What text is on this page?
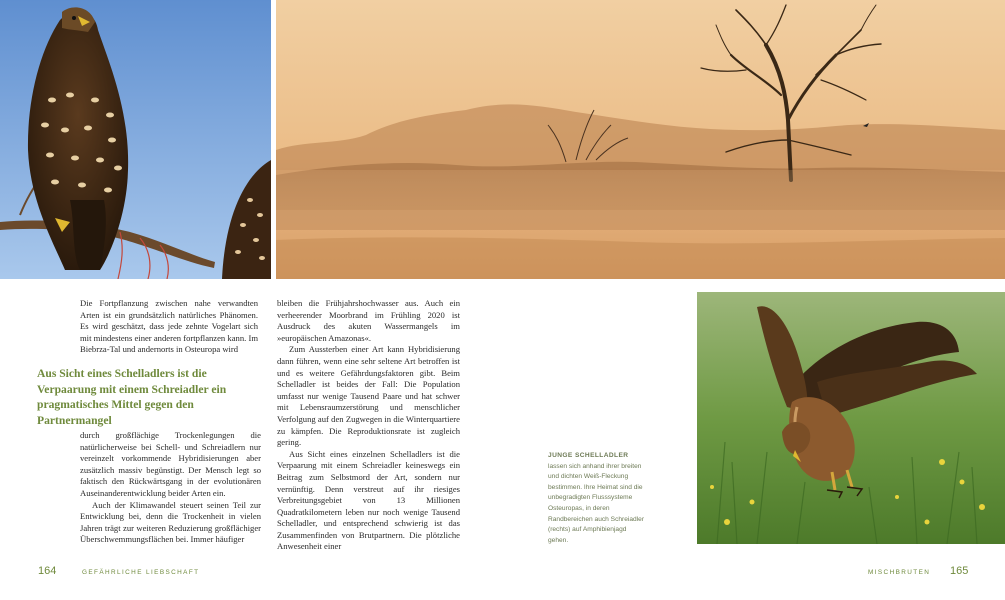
Die Fortpflanzung zwischen nahe verwandten Arten ist ein grundsätzlich natürliches Phänomen. Es wird geschätzt, dass jede zehnte Vogelart sich mit mindestens einer anderen fortpflanzen kann. Im Biebrza-Tal und andernorts in Osteuropa wird

Aus Sicht eines Schelladlers ist die Verpaarung mit einem Schreiadler ein pragmatisches Mittel gegen den Partnermangel

durch großflächige Trockenlegungen die natürlicherweise bei Schell- und Schreiadlern nur vereinzelt vorkommende Hybridisierungen aber zusätzlich massiv begünstigt. Der Mensch legt so faktisch den Rückwärtsgang in der evolutionären Auseinanderentwicklung beider Arten ein.

Auch der Klimawandel steuert seinen Teil zur Entwicklung bei, denn die Trockenheit in vielen Jahren trägt zur weiteren Reduzierung großflächiger Überschwemmungsflächen bei. Immer häufiger

bleiben die Frühjahrshochwasser aus. Auch ein verheerender Moorbrand im Frühling 2020 ist Ausdruck des akuten Wassermangels im »europäischen Amazonas«.

Zum Aussterben einer Art kann Hybridisierung dann führen, wenn eine sehr seltene Art betroffen ist und es weitere Gefährdungsfaktoren gibt. Beim Schelladler ist beides der Fall: Die Population umfasst nur wenige Tausend Paare und hat schwer mit Lebensraumzerstörung und menschlicher Verfolgung auf den Zugwegen in die Winterquartiere zu kämpfen. Die Reproduktionsrate ist zugleich gering.

Aus Sicht eines einzelnen Schelladlers ist die Verpaarung mit einem Schreiadler keineswegs ein Beitrag zum Selbstmord der Art, sondern nur vernünftig. Denn verstreut auf ihr riesiges Verbreitungsgebiet von 13 Millionen Quadratkilometern leben nur noch wenige Tausend Schelladler, und entsprechend schwierig ist das Zusammenfinden von Brutpartnern. Die plötzliche Anwesenheit einer

JUNGE SCHELLADLER lassen sich anhand ihrer breiten und dichten Weiß-Fleckung bestimmen. Ihre Heimat sind die unbegradigten Flusssysteme Osteuropas, in deren Randbereichen auch Schreiadler (rechts) auf Amphibienjagd gehen.
164	GEFÄHRLICHE LIEBSCHAFT	MISCHBRUTEN 165
